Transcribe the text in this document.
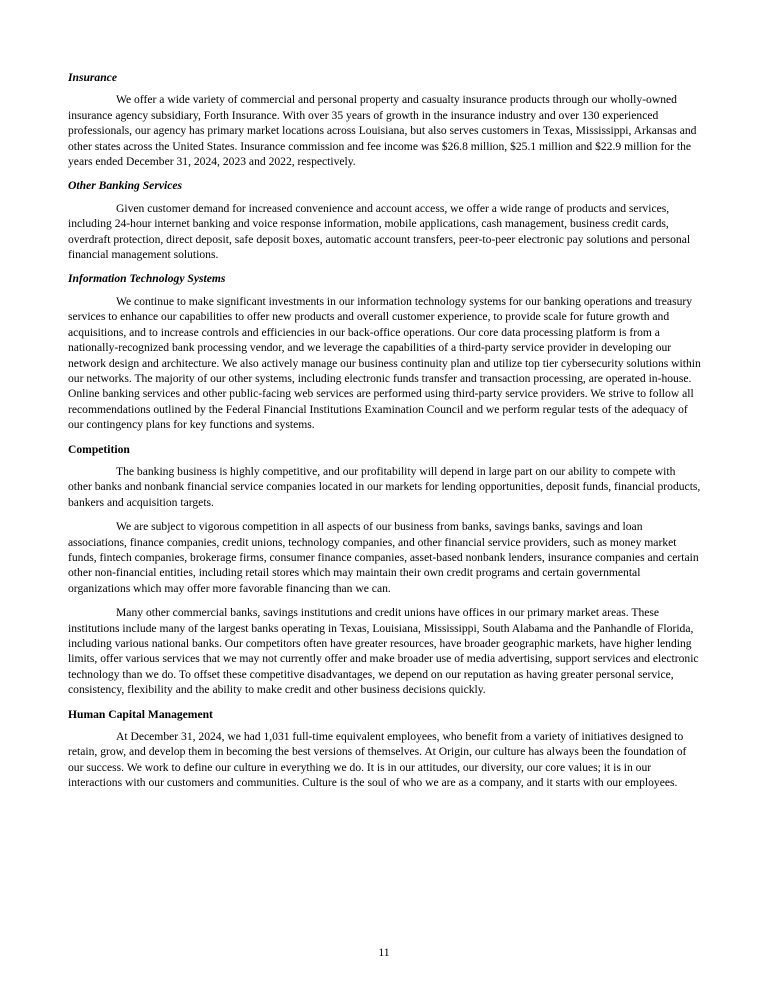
Insurance

We offer a wide variety of commercial and personal property and casualty insurance products through our wholly-owned insurance agency subsidiary, Forth Insurance. With over 35 years of growth in the insurance industry and over 130 experienced professionals, our agency has primary market locations across Louisiana, but also serves customers in Texas, Mississippi, Arkansas and other states across the United States. Insurance commission and fee income was $26.8 million, $25.1 million and $22.9 million for the years ended December 31, 2024, 2023 and 2022, respectively.

Other Banking Services

Given customer demand for increased convenience and account access, we offer a wide range of products and services, including 24-hour internet banking and voice response information, mobile applications, cash management, business credit cards, overdraft protection, direct deposit, safe deposit boxes, automatic account transfers, peer-to-peer electronic pay solutions and personal financial management solutions.

Information Technology Systems

We continue to make significant investments in our information technology systems for our banking operations and treasury services to enhance our capabilities to offer new products and overall customer experience, to provide scale for future growth and acquisitions, and to increase controls and efficiencies in our back-office operations. Our core data processing platform is from a nationally-recognized bank processing vendor, and we leverage the capabilities of a third-party service provider in developing our network design and architecture. We also actively manage our business continuity plan and utilize top tier cybersecurity solutions within our networks. The majority of our other systems, including electronic funds transfer and transaction processing, are operated in-house. Online banking services and other public-facing web services are performed using third-party service providers. We strive to follow all recommendations outlined by the Federal Financial Institutions Examination Council and we perform regular tests of the adequacy of our contingency plans for key functions and systems.

Competition

The banking business is highly competitive, and our profitability will depend in large part on our ability to compete with other banks and nonbank financial service companies located in our markets for lending opportunities, deposit funds, financial products, bankers and acquisition targets.

We are subject to vigorous competition in all aspects of our business from banks, savings banks, savings and loan associations, finance companies, credit unions, technology companies, and other financial service providers, such as money market funds, fintech companies, brokerage firms, consumer finance companies, asset-based nonbank lenders, insurance companies and certain other non-financial entities, including retail stores which may maintain their own credit programs and certain governmental organizations which may offer more favorable financing than we can.

Many other commercial banks, savings institutions and credit unions have offices in our primary market areas. These institutions include many of the largest banks operating in Texas, Louisiana, Mississippi, South Alabama and the Panhandle of Florida, including various national banks. Our competitors often have greater resources, have broader geographic markets, have higher lending limits, offer various services that we may not currently offer and make broader use of media advertising, support services and electronic technology than we do. To offset these competitive disadvantages, we depend on our reputation as having greater personal service, consistency, flexibility and the ability to make credit and other business decisions quickly.

Human Capital Management

At December 31, 2024, we had 1,031 full-time equivalent employees, who benefit from a variety of initiatives designed to retain, grow, and develop them in becoming the best versions of themselves. At Origin, our culture has always been the foundation of our success. We work to define our culture in everything we do. It is in our attitudes, our diversity, our core values; it is in our interactions with our customers and communities. Culture is the soul of who we are as a company, and it starts with our employees.

11
